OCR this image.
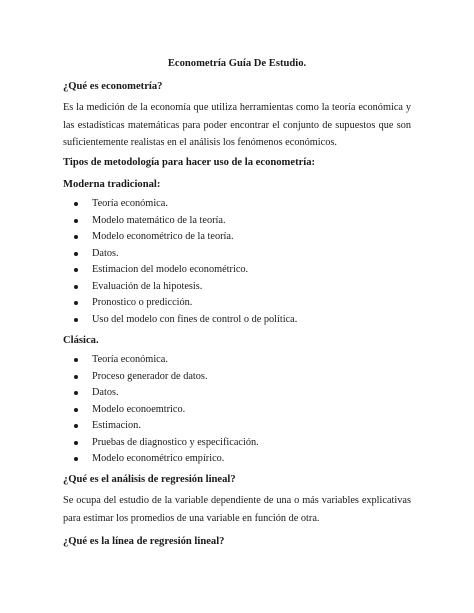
Econometría Guía De Estudio.
¿Qué es econometría?
Es la medición de la economía que utiliza herramientas como la teoría económica y las estadísticas matemáticas para poder encontrar el conjunto de supuestos que son suficientemente realistas en el análisis los fenómenos económicos.
Tipos de metodología para hacer uso de la econometría:
Moderna tradicional:
Teoría económica.
Modelo matemático de la teoría.
Modelo econométrico de la teoría.
Datos.
Estimacion del modelo econométrico.
Evaluación de la hipotesis.
Pronostico o predicción.
Uso del modelo con fines de control o de política.
Clásica.
Teoría económica.
Proceso generador de datos.
Datos.
Modelo econoemtrico.
Estimacion.
Pruebas de diagnostico y especificación.
Modelo econométrico empírico.
¿Qué es el análisis de regresión lineal?
Se ocupa del estudio de la variable dependiente de una o más variables explicativas para estimar los promedios de una variable en función de otra.
¿Qué es la línea de regresión lineal?
